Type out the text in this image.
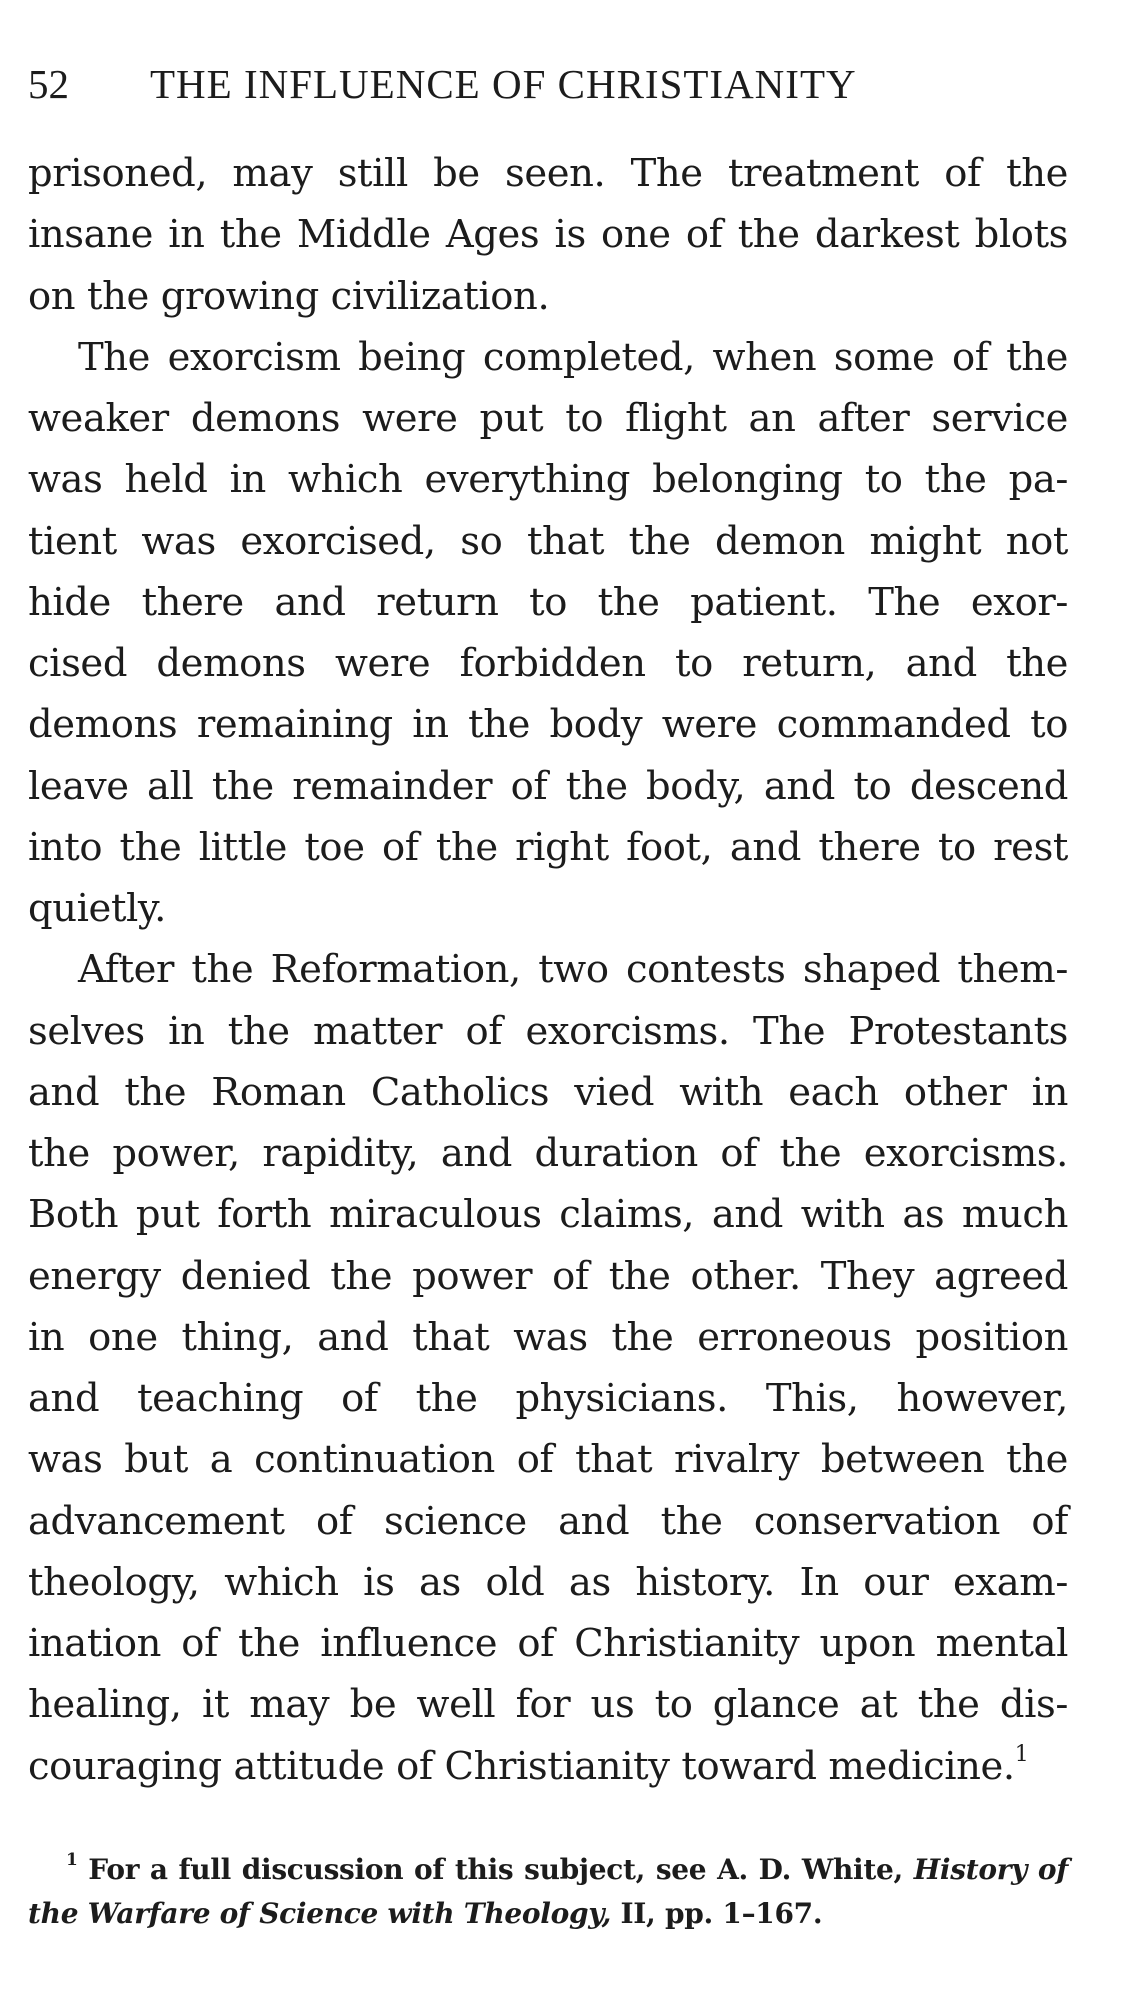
52 THE INFLUENCE OF CHRISTIANITY

prisoned, may still be seen. The treatment of the
insane in the Middle Ages is one of the darkest blots
on the growing civilization.

The exorcism being completed, when some of the
weaker demons were put to flight an after service
was held in which everything belonging to the pa-
tient was exorcised, so that the demon might not
hide there and return to the patient. The exor-
cised demons were forbidden to return, and the
demons remaining in the body were commanded to
leave all the remainder of the body, and to descend
into the little toe of the right foot, and there to rest
quietly.

After the Reformation, two contests shaped them-
selves in the matter of exorcisms. The Protestants
and the Roman Catholics vied with each other in
the power, rapidity, and duration of the exorcisms.
Both put forth miraculous claims, and with as much
energy denied the power of the other. They agreed
in one thing, and that was the erroneous position
and teaching of the physicians. This, however,
was but a continuation of that rivalry between the
advancement of science and the conservation of
theology, which is as old as history. In our exam-
ination of the influence of Christianity upon mental
healing, it may be well for us to glance at the dis-
couraging attitude of Christianity toward medicine.$^1$

$^1$ For a full discussion of this subject, see A. D. White, History of
the Warfare of Science with Theology, II, pp. 1–167.
